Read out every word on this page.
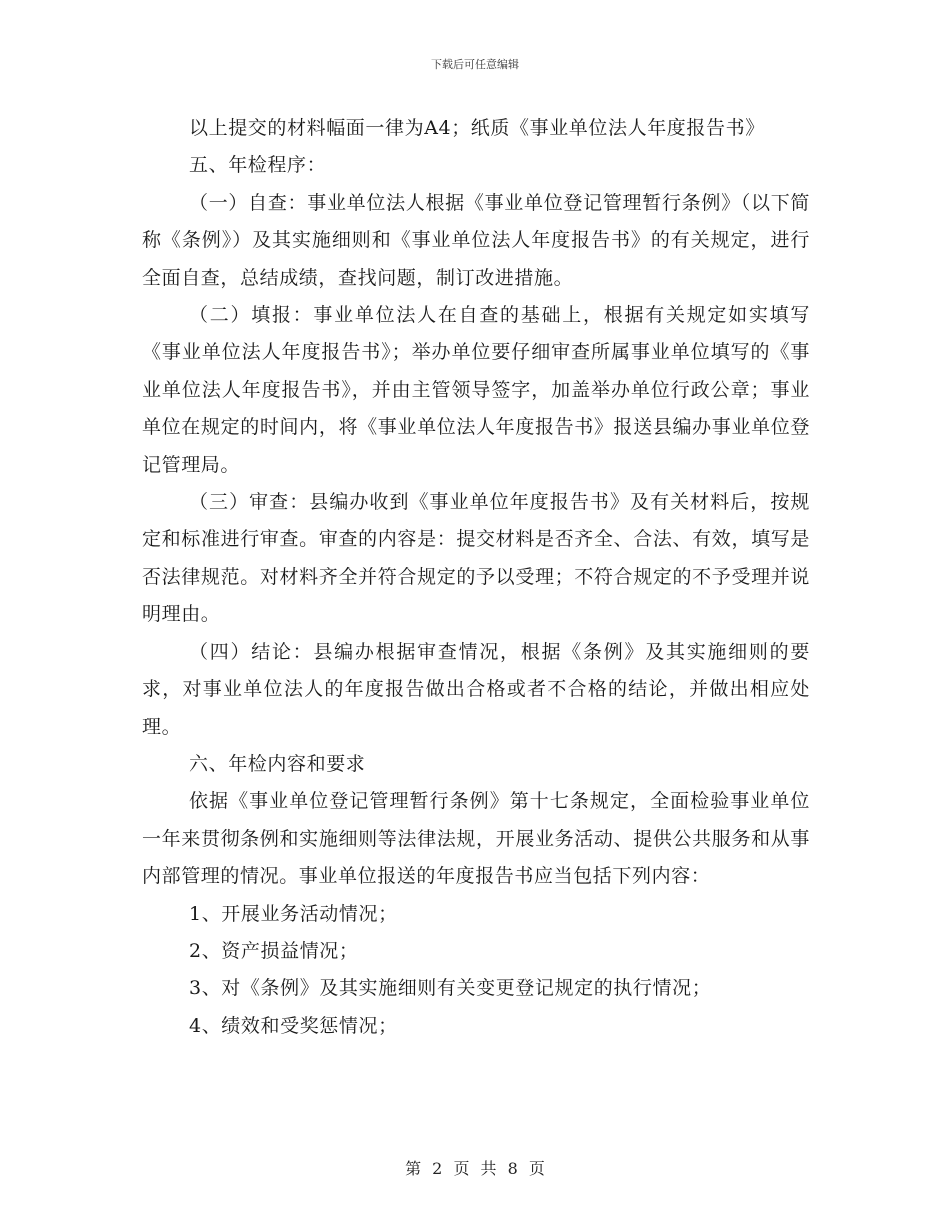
下载后可任意编辑

以上提交的材料幅面一律为A4；纸质《事业单位法人年度报告书》

五、年检程序：

（一）自查：事业单位法人根据《事业单位登记管理暂行条例》（以下简称《条例》）及其实施细则和《事业单位法人年度报告书》的有关规定，进行全面自查，总结成绩，查找问题，制订改进措施。

（二）填报：事业单位法人在自查的基础上，根据有关规定如实填写《事业单位法人年度报告书》；举办单位要仔细审查所属事业单位填写的《事业单位法人年度报告书》，并由主管领导签字，加盖举办单位行政公章；事业单位在规定的时间内，将《事业单位法人年度报告书》报送县编办事业单位登记管理局。

（三）审查：县编办收到《事业单位年度报告书》及有关材料后，按规定和标准进行审查。审查的内容是：提交材料是否齐全、合法、有效，填写是否法律规范。对材料齐全并符合规定的予以受理；不符合规定的不予受理并说明理由。

（四）结论：县编办根据审查情况，根据《条例》及其实施细则的要求，对事业单位法人的年度报告做出合格或者不合格的结论，并做出相应处理。

六、年检内容和要求

依据《事业单位登记管理暂行条例》第十七条规定，全面检验事业单位一年来贯彻条例和实施细则等法律法规，开展业务活动、提供公共服务和从事内部管理的情况。事业单位报送的年度报告书应当包括下列内容：

1、开展业务活动情况；

2、资产损益情况；

3、对《条例》及其实施细则有关变更登记规定的执行情况；

4、绩效和受奖惩情况；

第 2 页 共 8 页
